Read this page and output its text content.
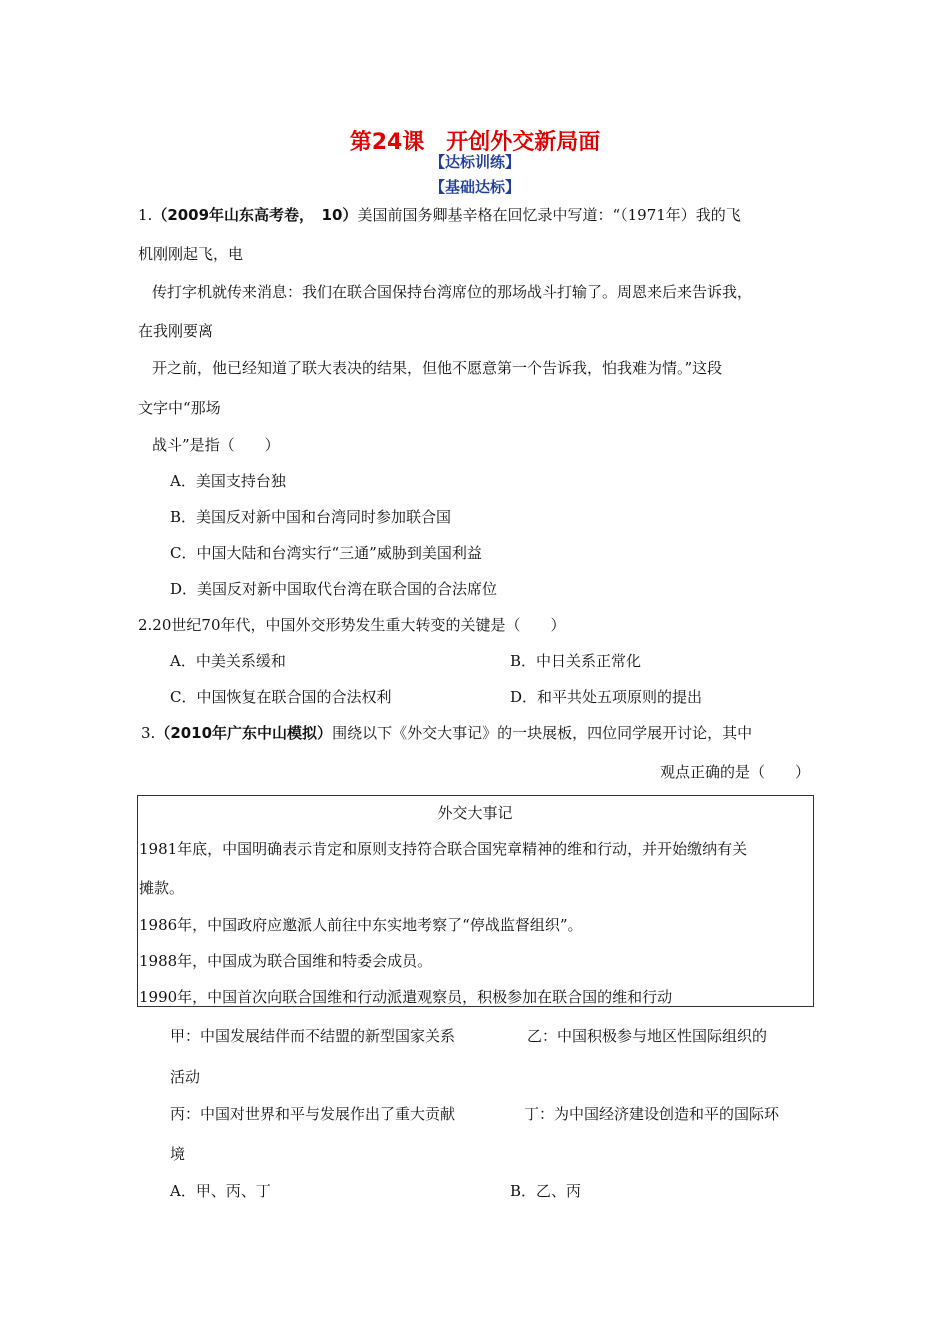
第24课　开创外交新局面
【达标训练】
【基础达标】
1.（2009年山东高考卷，　10）美国前国务卿基辛格在回忆录中写道：“（1971年）我的飞
机刚刚起飞，电
传打字机就传来消息：我们在联合国保持台湾席位的那场战斗打输了。周恩来后来告诉我，
在我刚要离
开之前，他已经知道了联大表决的结果，但他不愿意第一个告诉我，怕我难为情。”这段
文字中“那场
战斗”是指（　　）
A．美国支持台独
B．美国反对新中国和台湾同时参加联合国
C．中国大陆和台湾实行“三通”威胁到美国利益
D．美国反对新中国取代台湾在联合国的合法席位
2.20世纪70年代，中国外交形势发生重大转变的关键是（　　）
A．中美关系缓和	B．中日关系正常化
C．中国恢复在联合国的合法权利	D．和平共处五项原则的提出
3.（2010年广东中山模拟）围绕以下《外交大事记》的一块展板，四位同学展开讨论，其中
观点正确的是（　　）
外交大事记
1981年底，中国明确表示肯定和原则支持符合联合国宪章精神的维和行动，并开始缴纳有关
摊款。
1986年，中国政府应邀派人前往中东实地考察了“停战监督组织”。
1988年，中国成为联合国维和特委会成员。
1990年，中国首次向联合国维和行动派遣观察员，积极参加在联合国的维和行动
甲：中国发展结伴而不结盟的新型国家关系	乙：中国积极参与地区性国际组织的
活动
丙：中国对世界和平与发展作出了重大贡献	丁：为中国经济建设创造和平的国际环
境
A．甲、丙、丁	B．乙、丙
